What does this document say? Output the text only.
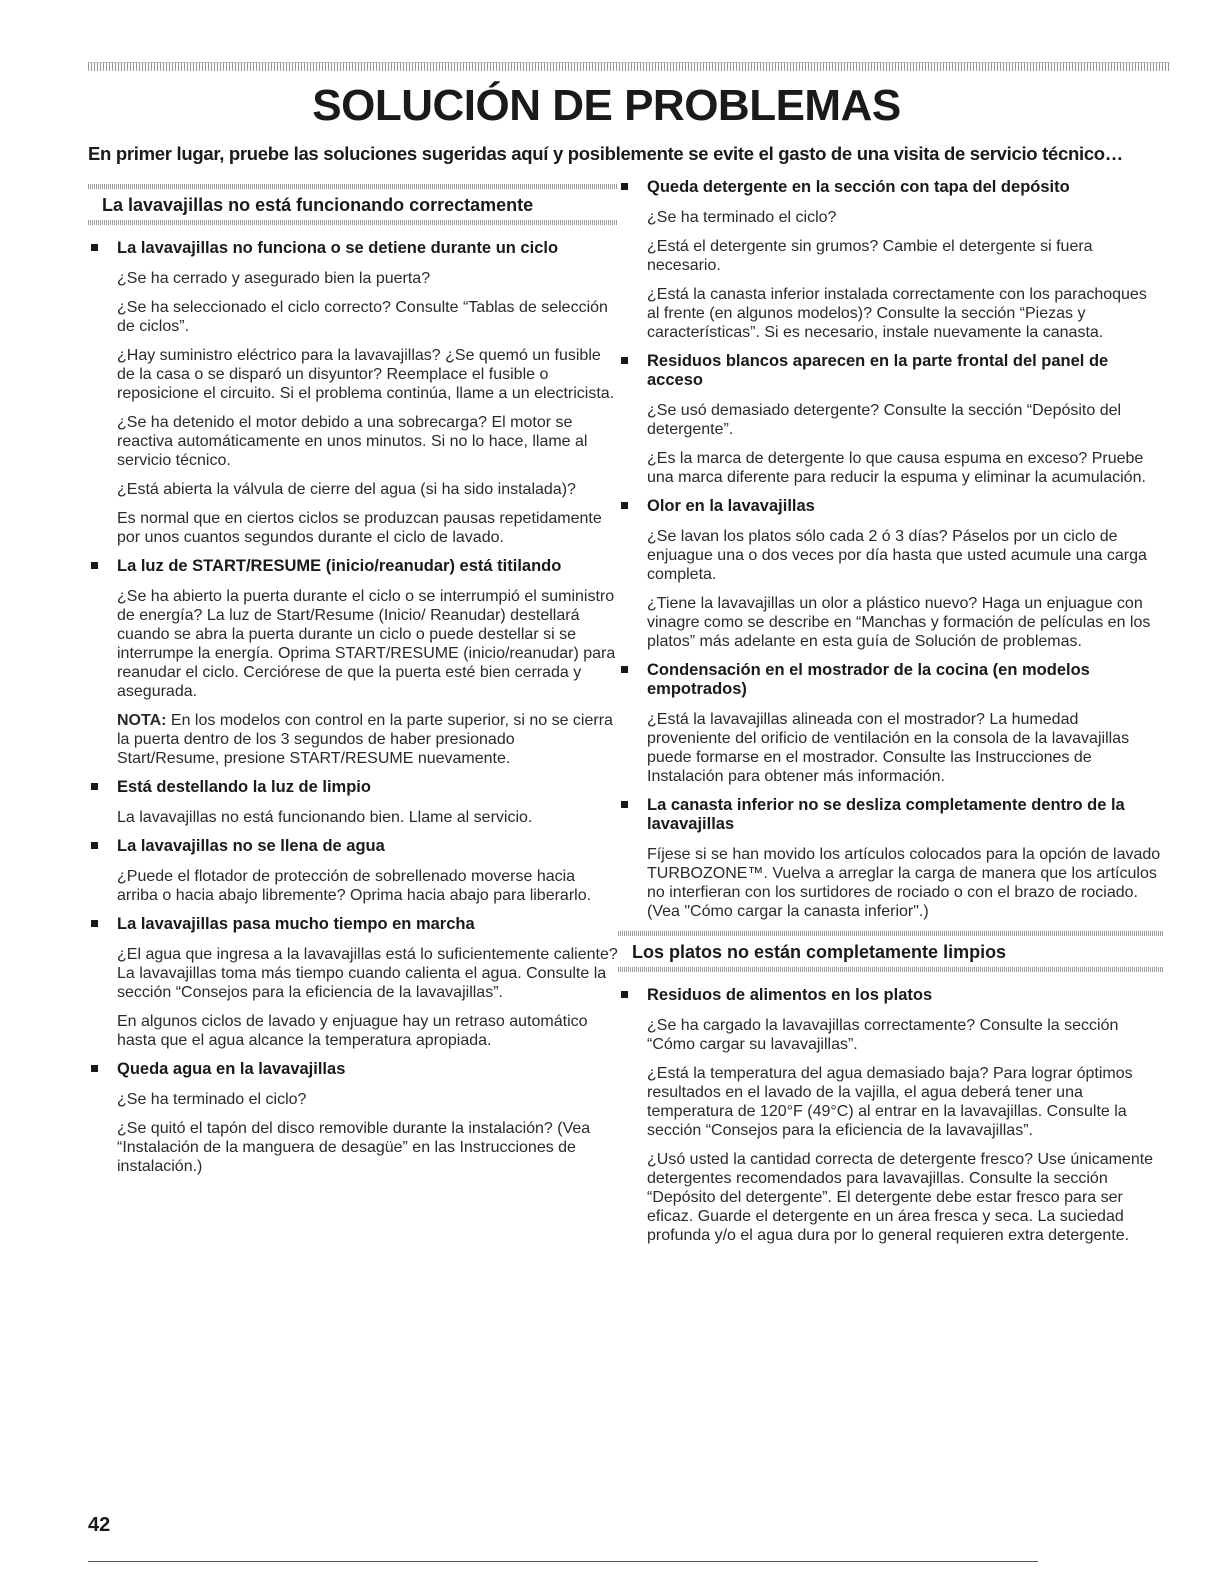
SOLUCIÓN DE PROBLEMAS

En primer lugar, pruebe las soluciones sugeridas aquí y posiblemente se evite el gasto de una visita de servicio técnico…

La lavavajillas no está funcionando correctamente
La lavavajillas no funciona o se detiene durante un ciclo

¿Se ha cerrado y asegurado bien la puerta?

¿Se ha seleccionado el ciclo correcto? Consulte “Tablas de selección de ciclos”.

¿Hay suministro eléctrico para la lavavajillas? ¿Se quemó un fusible de la casa o se disparó un disyuntor? Reemplace el fusible o reposicione el circuito. Si el problema continúa, llame a un electricista.

¿Se ha detenido el motor debido a una sobrecarga? El motor se reactiva automáticamente en unos minutos. Si no lo hace, llame al servicio técnico.

¿Está abierta la válvula de cierre del agua (si ha sido instalada)?

Es normal que en ciertos ciclos se produzcan pausas repetidamente por unos cuantos segundos durante el ciclo de lavado.

La luz de START/RESUME (inicio/reanudar) está titilando

¿Se ha abierto la puerta durante el ciclo o se interrumpió el suministro de energía? La luz de Start/Resume (Inicio/ Reanudar) destellará cuando se abra la puerta durante un ciclo o puede destellar si se interrumpe la energía. Oprima START/RESUME (inicio/reanudar) para reanudar el ciclo. Cerciórese de que la puerta esté bien cerrada y asegurada.

NOTA: En los modelos con control en la parte superior, si no se cierra la puerta dentro de los 3 segundos de haber presionado Start/Resume, presione START/RESUME nuevamente.

Está destellando la luz de limpio

La lavavajillas no está funcionando bien. Llame al servicio.

La lavavajillas no se llena de agua

¿Puede el flotador de protección de sobrellenado moverse hacia arriba o hacia abajo libremente? Oprima hacia abajo para liberarlo.

La lavavajillas pasa mucho tiempo en marcha

¿El agua que ingresa a la lavavajillas está lo suficientemente caliente? La lavavajillas toma más tiempo cuando calienta el agua. Consulte la sección “Consejos para la eficiencia de la lavavajillas”.

En algunos ciclos de lavado y enjuague hay un retraso automático hasta que el agua alcance la temperatura apropiada.

Queda agua en la lavavajillas

¿Se ha terminado el ciclo?

¿Se quitó el tapón del disco removible durante la instalación? (Vea “Instalación de la manguera de desagüe” en las Instrucciones de instalación.)

Queda detergente en la sección con tapa del depósito

¿Se ha terminado el ciclo?

¿Está el detergente sin grumos? Cambie el detergente si fuera necesario.

¿Está la canasta inferior instalada correctamente con los parachoques al frente (en algunos modelos)? Consulte la sección “Piezas y características”. Si es necesario, instale nuevamente la canasta.

Residuos blancos aparecen en la parte frontal del panel de acceso

¿Se usó demasiado detergente? Consulte la sección “Depósito del detergente”.

¿Es la marca de detergente lo que causa espuma en exceso? Pruebe una marca diferente para reducir la espuma y eliminar la acumulación.

Olor en la lavavajillas

¿Se lavan los platos sólo cada 2 ó 3 días? Páselos por un ciclo de enjuague una o dos veces por día hasta que usted acumule una carga completa.

¿Tiene la lavavajillas un olor a plástico nuevo? Haga un enjuague con vinagre como se describe en “Manchas y formación de películas en los platos” más adelante en esta guía de Solución de problemas.

Condensación en el mostrador de la cocina (en modelos empotrados)

¿Está la lavavajillas alineada con el mostrador? La humedad proveniente del orificio de ventilación en la consola de la lavavajillas puede formarse en el mostrador. Consulte las Instrucciones de Instalación para obtener más información.

La canasta inferior no se desliza completamente dentro de la lavavajillas

Fíjese si se han movido los artículos colocados para la opción de lavado TURBOZONE™. Vuelva a arreglar la carga de manera que los artículos no interfieran con los surtidores de rociado o con el brazo de rociado. (Vea "Cómo cargar la canasta inferior".)

Los platos no están completamente limpios
Residuos de alimentos en los platos

¿Se ha cargado la lavavajillas correctamente? Consulte la sección “Cómo cargar su lavavajillas”.

¿Está la temperatura del agua demasiado baja? Para lograr óptimos resultados en el lavado de la vajilla, el agua deberá tener una temperatura de 120°F (49°C) al entrar en la lavavajillas. Consulte la sección “Consejos para la eficiencia de la lavavajillas”.

¿Usó usted la cantidad correcta de detergente fresco? Use únicamente detergentes recomendados para lavavajillas. Consulte la sección “Depósito del detergente”. El detergente debe estar fresco para ser eficaz. Guarde el detergente en un área fresca y seca. La suciedad profunda y/o el agua dura por lo general requieren extra detergente.

42
